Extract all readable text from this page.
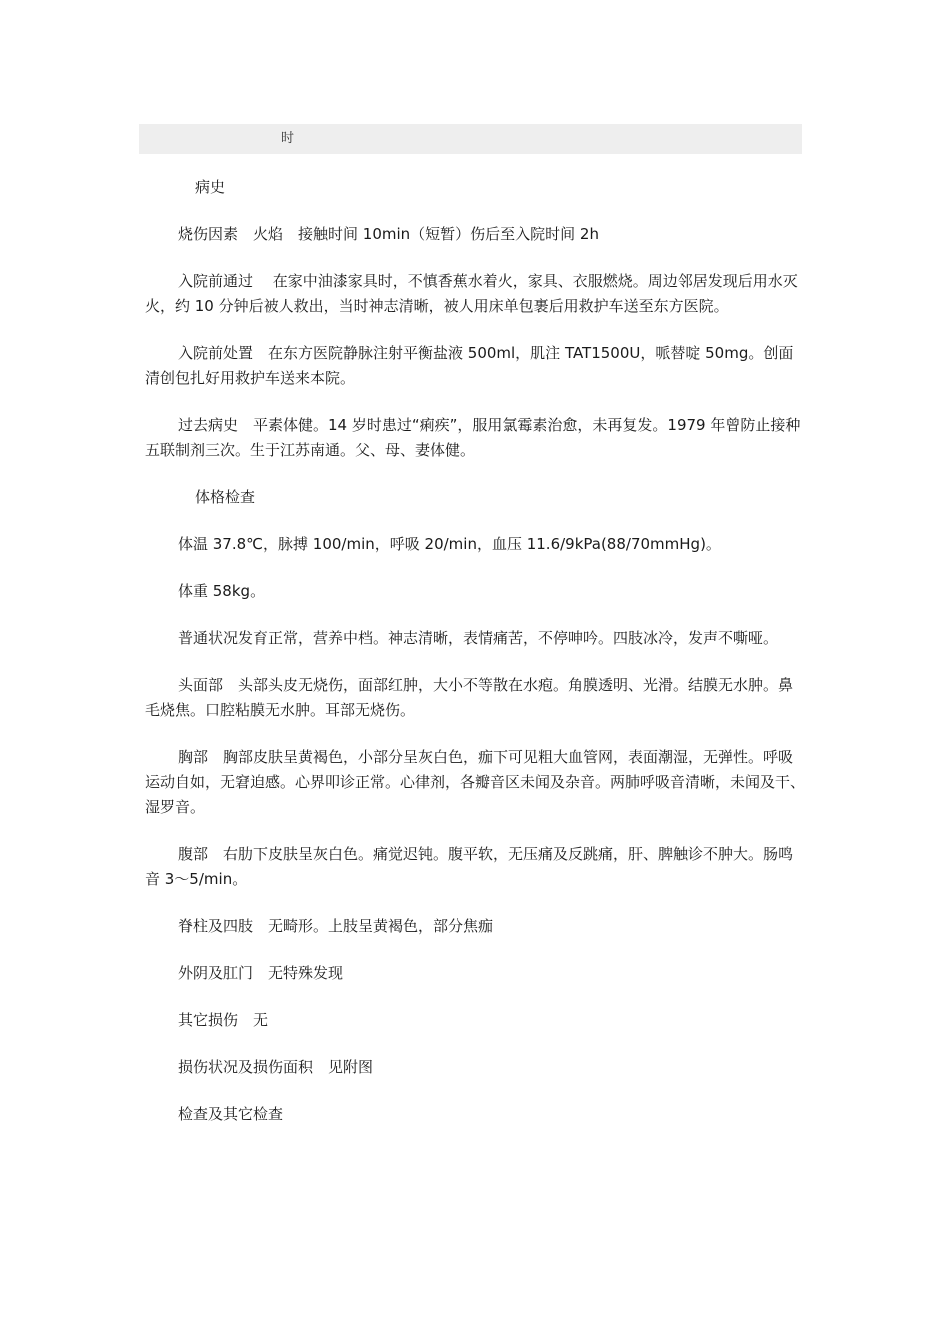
时

病史

烧伤因素　火焰　接触时间 10min（短暂）伤后至入院时间 2h

入院前通过　 在家中油漆家具时，不慎香蕉水着火，家具、衣服燃烧。周边邻居发现后用水灭火，约 10 分钟后被人救出，当时神志清晰，被人用床单包裹后用救护车送至东方医院。

入院前处置　在东方医院静脉注射平衡盐液 500ml，肌注 TAT1500U，哌替啶 50mg。创面清创包扎好用救护车送来本院。

过去病史　平素体健。14 岁时患过“痢疾”，服用氯霉素治愈，未再复发。1979 年曾防止接种五联制剂三次。生于江苏南通。父、母、妻体健。

体格检查

体温 37.8℃，脉搏 100/min，呼吸 20/min，血压 11.6/9kPa(88/70mmHg)。

体重 58kg。

普通状况发育正常，营养中档。神志清晰，表情痛苦，不停呻吟。四肢冰冷，发声不嘶哑。

头面部　头部头皮无烧伤，面部红肿，大小不等散在水疱。角膜透明、光滑。结膜无水肿。鼻毛烧焦。口腔粘膜无水肿。耳部无烧伤。

胸部　胸部皮肤呈黄褐色，小部分呈灰白色，痂下可见粗大血管网，表面潮湿，无弹性。呼吸运动自如，无窘迫感。心界叩诊正常。心律剂，各瓣音区未闻及杂音。两肺呼吸音清晰，未闻及干、湿罗音。

腹部　右肋下皮肤呈灰白色。痛觉迟钝。腹平软，无压痛及反跳痛，肝、脾触诊不肿大。肠鸣音 3～5/min。

脊柱及四肢　无畸形。上肢呈黄褐色，部分焦痂

外阴及肛门　无特殊发现

其它损伤　无

损伤状况及损伤面积　见附图

检查及其它检查
